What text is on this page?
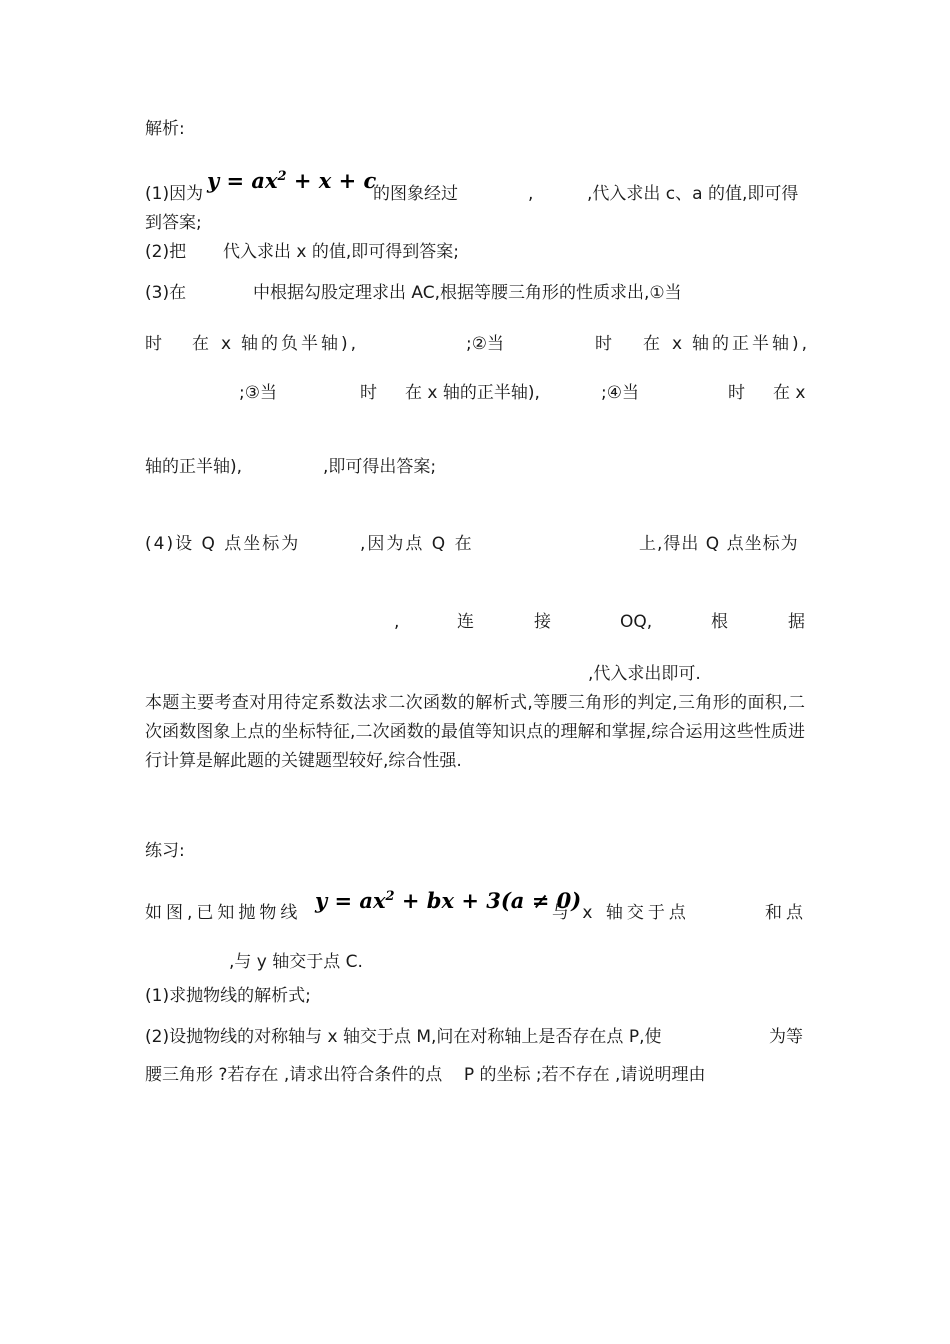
解析:
(1)因为
$y = ax^2 + x + c$
的图象经过	,	,代入求出 c、a 的值,即可得
到答案;
(2)把 代入求出 x 的值,即可得到答案;
(3)在	中根据勾股定理求出 AC,根据等腰三角形的性质求出,①当
时 在 x 轴的负半轴),	;②当	时 在 x 轴的正半轴),
;③当	时 在 x 轴的正半轴),	;④当	时 在 x
轴的正半轴),	,即可得出答案;
(4)设 Q 点坐标为	,因为点 Q 在	上,得出 Q 点坐标为
,	连	接	OQ,	根	据
,代入求出即可.
本题主要考查对用待定系数法求二次函数的解析式,等腰三角形的判定,三角形的面积,二次函数图象上点的坐标特征,二次函数的最值等知识点的理解和掌握,综合运用这些性质进行计算是解此题的关键题型较好,综合性强.
练习:
如图,已知抛物线 $y = ax^2$ + bx + 3(a ≠ 0)
与 x 轴交于点	和点
,与 y 轴交于点 C.
(1)求抛物线的解析式;
(2)设抛物线的对称轴与 x 轴交于点 M,问在对称轴上是否存在点 P,使	为等
腰三角形 ?若存在 ,请求出符合条件的点    P 的坐标 ;若不存在 ,请说明理由
